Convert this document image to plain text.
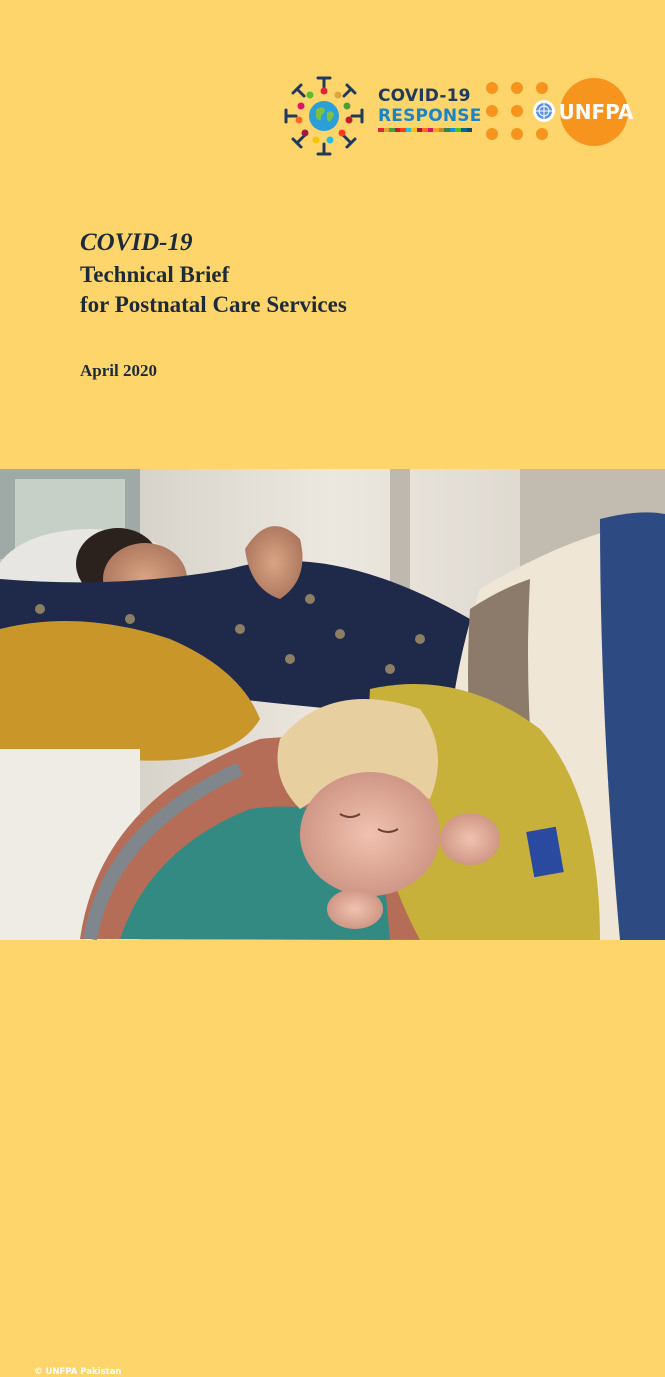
COVID-19
RESPONSE	UNFPA

COVID-19

Technical Brief

for Postnatal Care Services

April 2020
© UNFPA Pakistan
